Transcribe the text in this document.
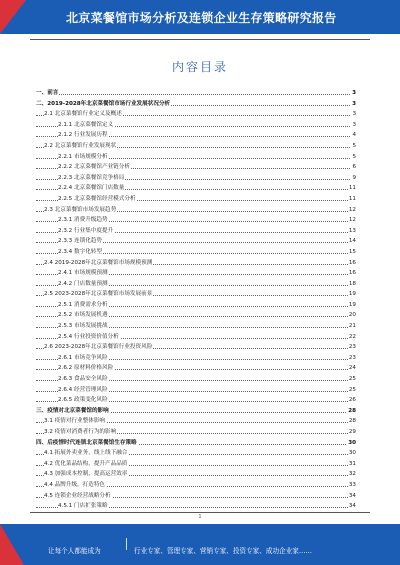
北京菜餐馆市场分析及连锁企业生存策略研究报告
内容目录
一、前言	3
二、2019-2028年北京菜餐馆市场行业发展状况分析	3
2.1 北京菜餐馆行业定义及概述	3
2.1.1 北京菜餐馆定义	3
2.1.2 行业发展历程	4
2.2 北京菜餐馆行业发展现状	5
2.2.1 市场规模分析	5
2.2.2 北京菜餐馆产业链分析	6
2.2.3 北京菜餐馆竞争格局	9
2.2.4 北京菜餐馆门店数量	11
2.2.5 北京菜餐馆经营模式分析	11
2.3 北京菜餐馆市场发展趋势	12
2.3.1 消费升级趋势	12
2.3.2 行业集中度提升	13
2.3.3 连锁化趋势	14
2.3.4 数字化转型	15
2.4 2019-2028年北京菜餐馆市场规模预测	16
2.4.1 市场规模预测	16
2.4.2 门店数量预测	18
2.5 2023-2028年北京菜餐馆市场发展前景	19
2.5.1 消费需求分析	19
2.5.2 市场发展机遇	20
2.5.3 市场发展挑战	21
2.5.4 行业投资价值分析	22
2.6 2023-2028年北京菜餐馆行业投资风险	23
2.6.1 市场竞争风险	23
2.6.2 原材料价格风险	24
2.6.3 食品安全风险	25
2.6.4 经营管理风险	25
2.6.5 政策变化风险	26
三、疫情对北京菜餐馆的影响	28
3.1 疫情对行业整体影响	28
3.2 疫情对消费者行为的影响	29
四、后疫情时代连锁北京菜餐馆生存策略	30
4.1 拓展外卖业务，线上线下融合	30
4.2 优化菜品结构，提升产品品质	31
4.3 加强成本控制，提高运营效率	32
4.4 品牌升级，打造特色	33
4.5 连锁企业经营战略分析	34
4.5.1 门店扩张策略	34
1
让每个人都能成为	行业专家、管理专家、营销专家、投资专家、成功企业家……
